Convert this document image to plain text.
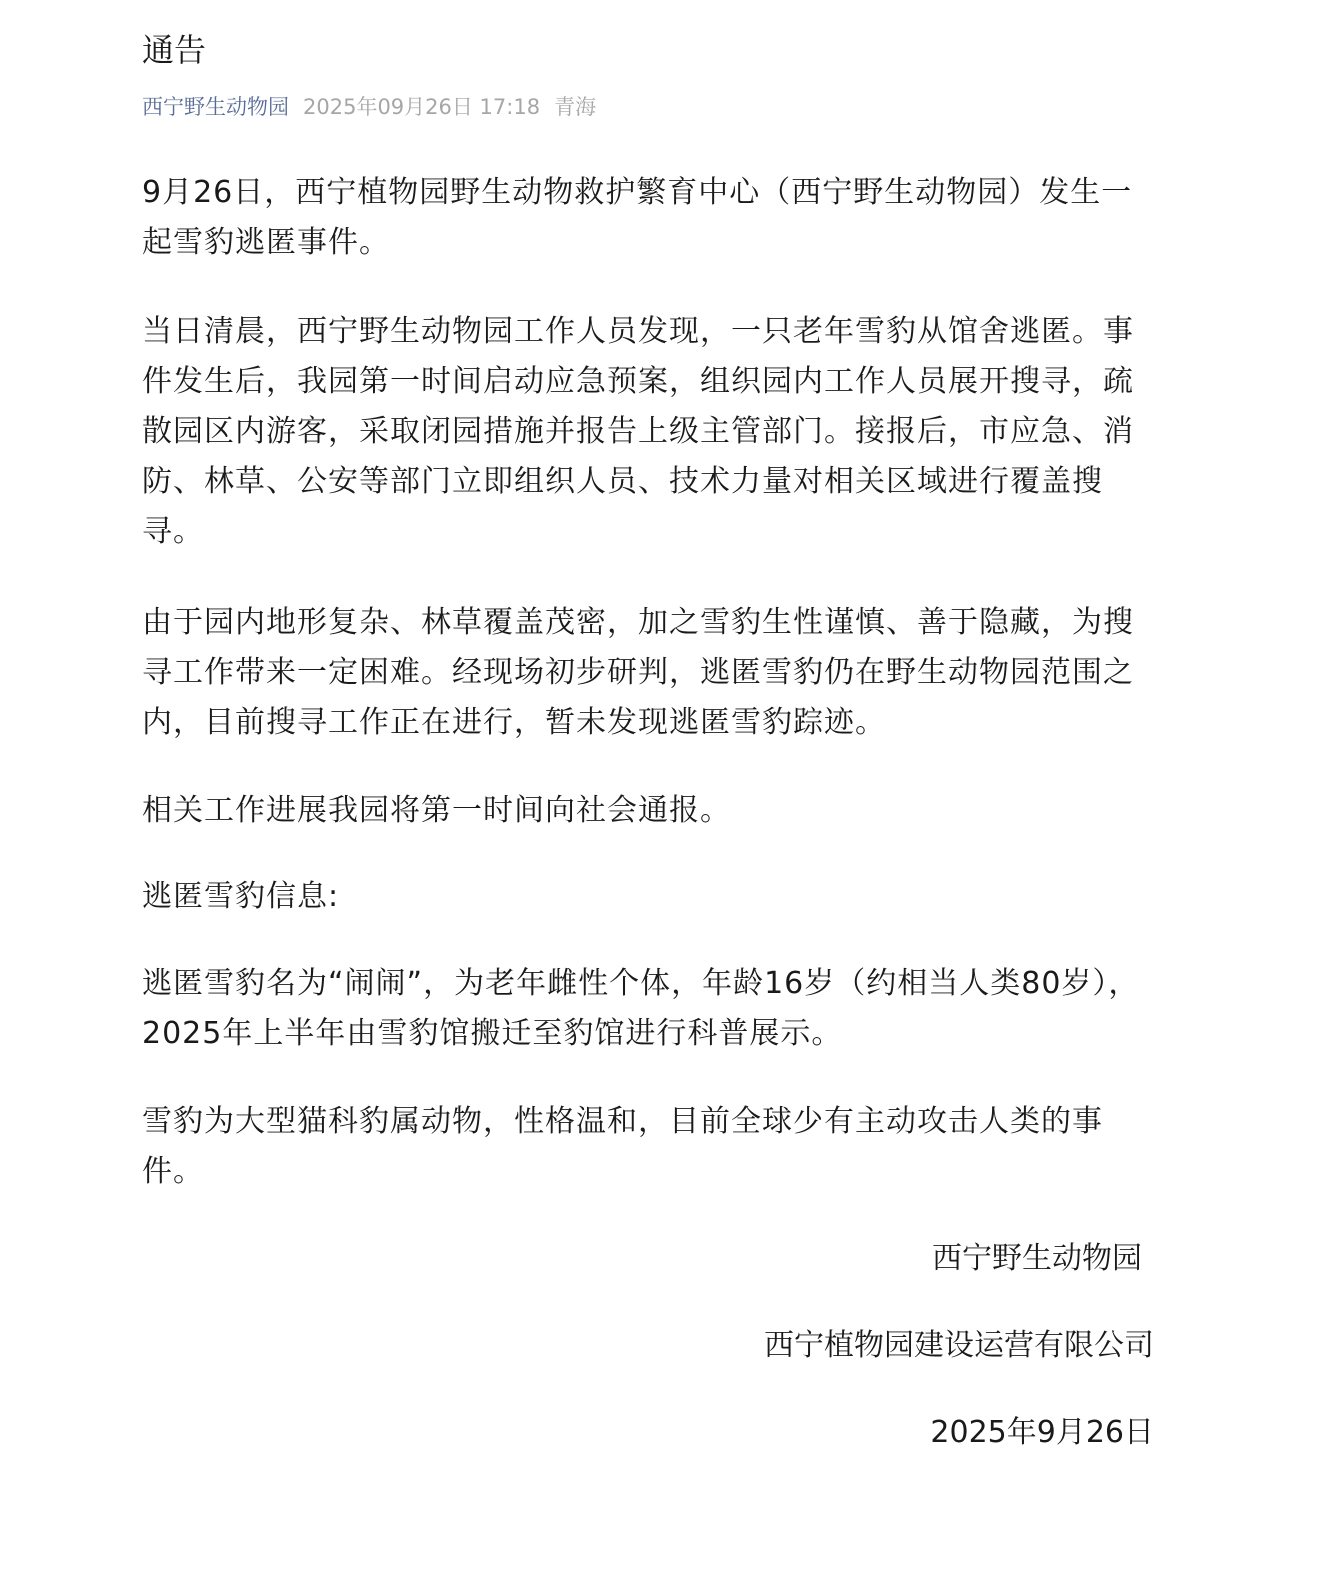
通告
西宁野生动物园 2025年09月26日 17:18 青海

9月26日，西宁植物园野生动物救护繁育中心（西宁野生动物园）发生一起雪豹逃匿事件。

当日清晨，西宁野生动物园工作人员发现，一只老年雪豹从馆舍逃匿。事件发生后，我园第一时间启动应急预案，组织园内工作人员展开搜寻，疏散园区内游客，采取闭园措施并报告上级主管部门。接报后，市应急、消防、林草、公安等部门立即组织人员、技术力量对相关区域进行覆盖搜寻。

由于园内地形复杂、林草覆盖茂密，加之雪豹生性谨慎、善于隐藏，为搜寻工作带来一定困难。经现场初步研判，逃匿雪豹仍在野生动物园范围之内，目前搜寻工作正在进行，暂未发现逃匿雪豹踪迹。

相关工作进展我园将第一时间向社会通报。

逃匿雪豹信息:

逃匿雪豹名为“闹闹”，为老年雌性个体，年龄16岁（约相当人类80岁），2025年上半年由雪豹馆搬迁至豹馆进行科普展示。

雪豹为大型猫科豹属动物，性格温和，目前全球少有主动攻击人类的事件。

西宁野生动物园
西宁植物园建设运营有限公司
2025年9月26日
